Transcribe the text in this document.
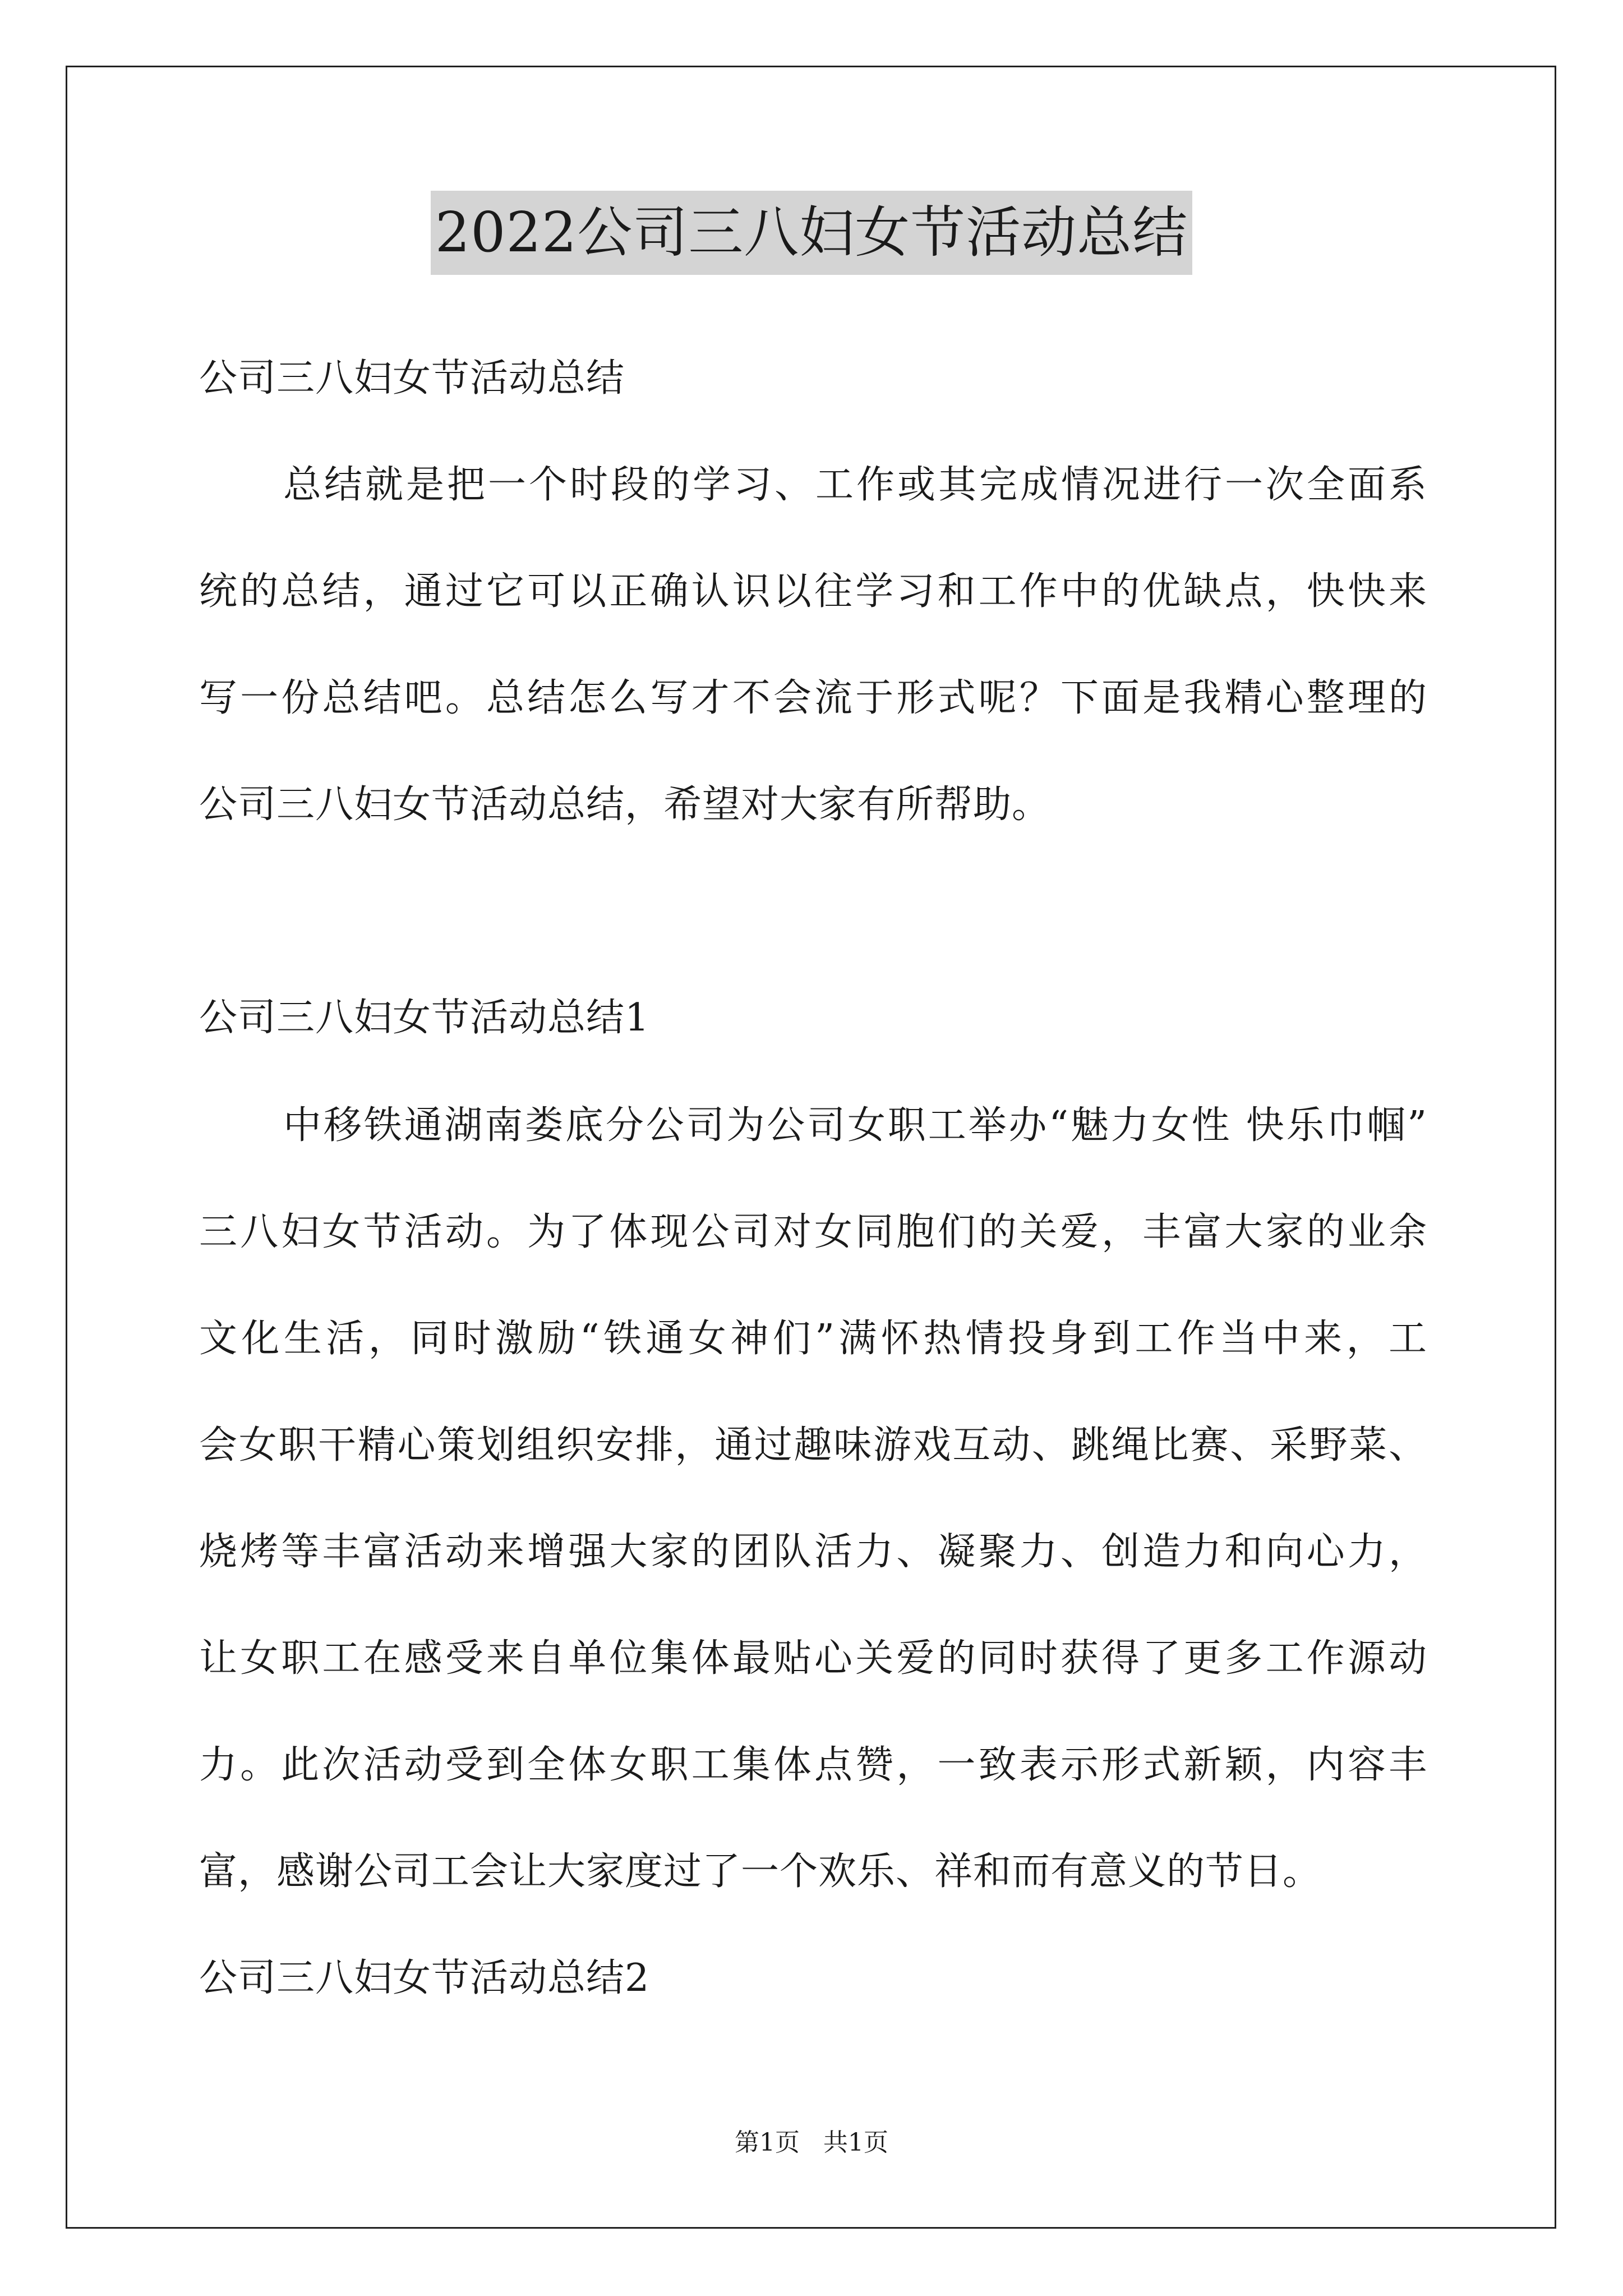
2022公司三八妇女节活动总结
公司三八妇女节活动总结
总结就是把一个时段的学习、工作或其完成情况进行一次全面系
统的总结，通过它可以正确认识以往学习和工作中的优缺点，快快来
写一份总结吧。总结怎么写才不会流于形式呢？下面是我精心整理的
公司三八妇女节活动总结，希望对大家有所帮助。
公司三八妇女节活动总结1
中移铁通湖南娄底分公司为公司女职工举办“魅力女性 快乐巾帼”
三八妇女节活动。为了体现公司对女同胞们的关爱，丰富大家的业余
文化生活，同时激励“铁通女神们”满怀热情投身到工作当中来，工
会女职干精心策划组织安排，通过趣味游戏互动、跳绳比赛、采野菜、
烧烤等丰富活动来增强大家的团队活力、凝聚力、创造力和向心力，
让女职工在感受来自单位集体最贴心关爱的同时获得了更多工作源动
力。此次活动受到全体女职工集体点赞，一致表示形式新颖，内容丰
富，感谢公司工会让大家度过了一个欢乐、祥和而有意义的节日。
公司三八妇女节活动总结2
第1页 共1页
